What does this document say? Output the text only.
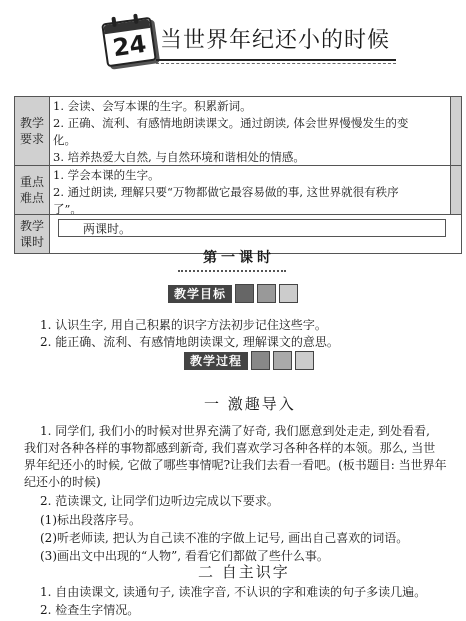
24 当世界年纪还小的时候
教学要求
1. 会读、会写本课的生字。积累新词。
2. 正确、流利、有感情地朗读课文。通过朗读, 体会世界慢慢发生的变
化。
3. 培养热爱大自然, 与自然环境和谐相处的情感。
重点难点
1. 学会本课的生字。
2. 通过朗读, 理解只要“万物都做它最容易做的事, 这世界就很有秩序
了”。
教学课时
两课时。
第一课时
教学目标
1. 认识生字, 用自己积累的识字方法初步记住这些字。
2. 能正确、流利、有感情地朗读课文, 理解课文的意思。
教学过程
一 激趣导入
1. 同学们, 我们小的时候对世界充满了好奇, 我们愿意到处走走, 到处看看,
我们对各种各样的事物都感到新奇, 我们喜欢学习各种各样的本领。那么, 当世
界年纪还小的时候, 它做了哪些事情呢?让我们去看一看吧。(板书题目: 当世界年
纪还小的时候)
2. 范读课文, 让同学们边听边完成以下要求。
(1)标出段落序号。
(2)听老师读, 把认为自己读不准的字做上记号, 画出自己喜欢的词语。
(3)画出文中出现的“人物”, 看看它们都做了些什么事。
二 自主识字
1. 自由读课文, 读通句子, 读准字音, 不认识的字和难读的句子多读几遍。
2. 检查生字情况。
